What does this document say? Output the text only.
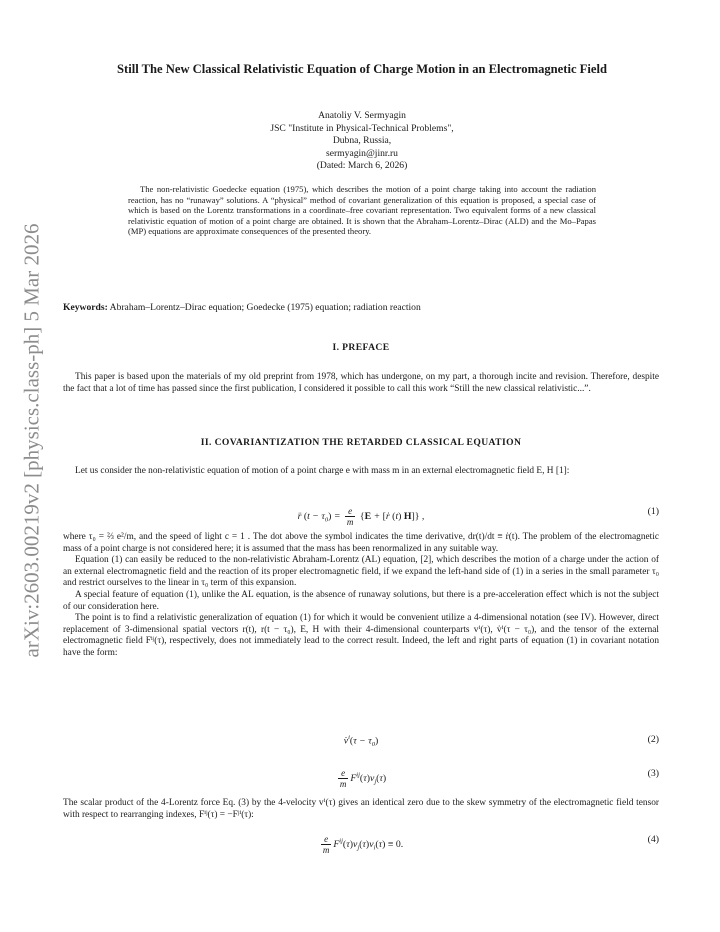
arXiv:2603.00219v2 [physics.class-ph] 5 Mar 2026
Still The New Classical Relativistic Equation of Charge Motion in an Electromagnetic Field
Anatoliy V. Sermyagin
JSC "Institute in Physical-Technical Problems",
Dubna, Russia,
sermyagin@jinr.ru
(Dated: March 6, 2026)
The non-relativistic Goedecke equation (1975), which describes the motion of a point charge taking into account the radiation reaction, has no “runaway” solutions. A “physical” method of covariant generalization of this equation is proposed, a special case of which is based on the Lorentz transformations in a coordinate–free covariant representation. Two equivalent forms of a new classical relativistic equation of motion of a point charge are obtained. It is shown that the Abraham–Lorentz–Dirac (ALD) and the Mo–Papas (MP) equations are approximate consequences of the presented theory.
Keywords: Abraham–Lorentz–Dirac equation; Goedecke (1975) equation; radiation reaction
I. PREFACE

This paper is based upon the materials of my old preprint from 1978, which has undergone, on my part, a thorough incite and revision. Therefore, despite the fact that a lot of time has passed since the first publication, I considered it possible to call this work “Still the new classical relativistic...”.

II. COVARIANTIZATION THE RETARDED CLASSICAL EQUATION

Let us consider the non-relativistic equation of motion of a point charge e with mass m in an external electromagnetic field E, H [1]:

r̈ $(t - \tau_0) = \frac{e}{m} \{E$ + [ṙ (t) H]} ,	(1)

where τ₀ = ⅔ e²/m, and the speed of light c = 1 . The dot above the symbol indicates the time derivative, dr(t)/dt ≡ ṙ(t). The problem of the electromagnetic mass of a point charge is not considered here; it is assumed that the mass has been renormalized in any suitable way.

Equation (1) can easily be reduced to the non-relativistic Abraham-Lorentz (AL) equation, [2], which describes the motion of a charge under the action of an external electromagnetic field and the reaction of its proper electromagnetic field, if we expand the left-hand side of (1) in a series in the small parameter τ₀ and restrict ourselves to the linear in τ₀ term of this expansion.

A special feature of equation (1), unlike the AL equation, is the absence of runaway solutions, but there is a pre-acceleration effect which is not the subject of our consideration here.

The point is to find a relativistic generalization of equation (1) for which it would be convenient utilize a 4-dimensional notation (see IV). However, direct replacement of 3-dimensional spatial vectors r(t), r(t − τ₀), E, H with their 4-dimensional counterparts vⁱ(τ), v̇ⁱ(τ − τ₀), and the tensor of the external electromagnetic field Fⁱʲ(τ), respectively, does not immediately lead to the correct result. Indeed, the left and right parts of equation (1) in covariant notation have the form:

v̇$^i$(τ − $\tau_0$)	(2)
$\frac{e}{m} F^{ij}(\tau)v_j(\tau)$	(3)

The scalar product of the 4-Lorentz force Eq. (3) by the 4-velocity vⁱ(τ) gives an identical zero due to the skew symmetry of the electromagnetic field tensor with respect to rearranging indexes, Fⁱʲ(τ) = −Fʲⁱ(τ):

$\frac{e}{m} F^{ij}(\tau)v_j(\tau)v_i(\tau) \equiv 0$.	(4)
